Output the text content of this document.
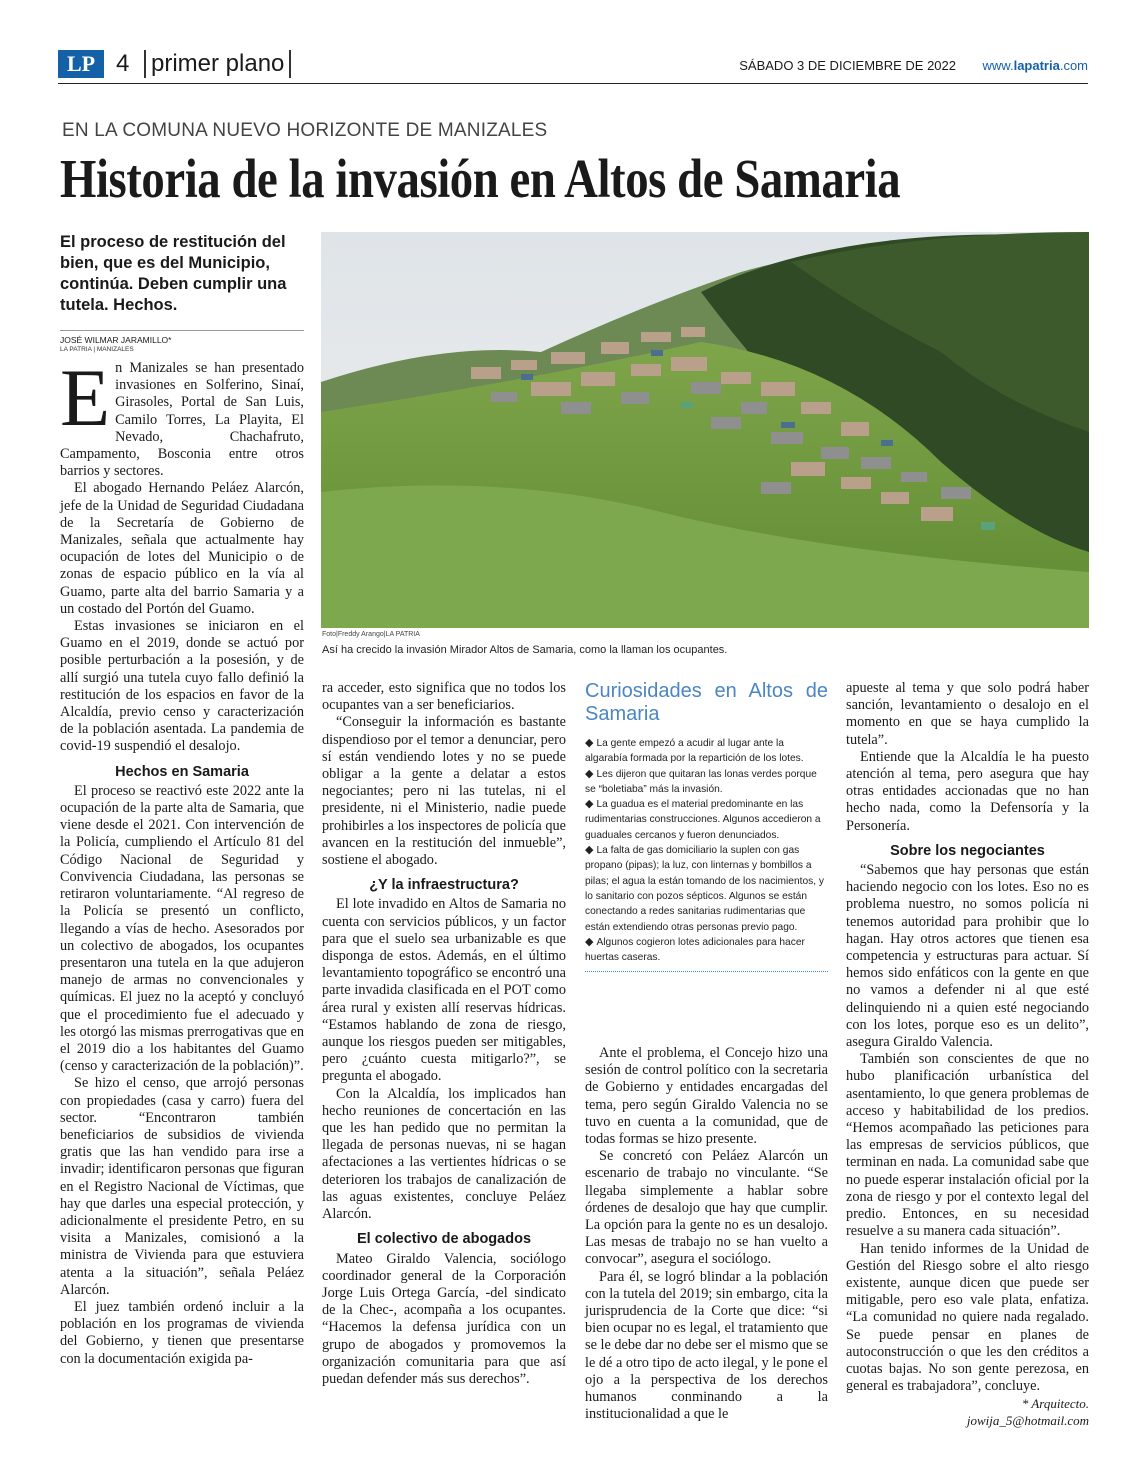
LP 4 primer plano	SÁBADO 3 DE DICIEMBRE DE 2022 www.lapatria.com
EN LA COMUNA NUEVO HORIZONTE DE MANIZALES
Historia de la invasión en Altos de Samaria
El proceso de restitución del bien, que es del Municipio, continúa. Deben cumplir una tutela. Hechos.
JOSÉ WILMAR JARAMILLO*
LA PATRIA | MANIZALES
Foto|Freddy Arango|LA PATRIA
Así ha crecido la invasión Mirador Altos de Samaria, como la llaman los ocupantes.

En Manizales se han presentado invasiones en Solferino, Sinaí, Girasoles, Portal de San Luis, Camilo Torres, La Playita, El Nevado, Chachafruto, Campamento, Bosconia entre otros barrios y sectores.

El abogado Hernando Peláez Alarcón, jefe de la Unidad de Seguridad Ciudadana de la Secretaría de Gobierno de Manizales, señala que actualmente hay ocupación de lotes del Municipio o de zonas de espacio público en la vía al Guamo, parte alta del barrio Samaria y a un costado del Portón del Guamo.

Estas invasiones se iniciaron en el Guamo en el 2019, donde se actuó por posible perturbación a la posesión, y de allí surgió una tutela cuyo fallo definió la restitución de los espacios en favor de la Alcaldía, previo censo y caracterización de la población asentada. La pandemia de covid-19 suspendió el desalojo.

Hechos en Samaria

El proceso se reactivó este 2022 ante la ocupación de la parte alta de Samaria, que viene desde el 2021. Con intervención de la Policía, cumpliendo el Artículo 81 del Código Nacional de Seguridad y Convivencia Ciudadana, las personas se retiraron voluntariamente. “Al regreso de la Policía se presentó un conflicto, llegando a vías de hecho. Asesorados por un colectivo de abogados, los ocupantes presentaron una tutela en la que adujeron manejo de armas no convencionales y químicas. El juez no la aceptó y concluyó que el procedimiento fue el adecuado y les otorgó las mismas prerrogativas que en el 2019 dio a los habitantes del Guamo (censo y caracterización de la población)”.

Se hizo el censo, que arrojó personas con propiedades (casa y carro) fuera del sector. “Encontraron también beneficiarios de subsidios de vivienda gratis que las han vendido para irse a invadir; identificaron personas que figuran en el Registro Nacional de Víctimas, que hay que darles una especial protección, y adicionalmente el presidente Petro, en su visita a Manizales, comisionó a la ministra de Vivienda para que estuviera atenta a la situación”, señala Peláez Alarcón.

El juez también ordenó incluir a la población en los programas de vivienda del Gobierno, y tienen que presentarse con la documentación exigida pa-

ra acceder, esto significa que no todos los ocupantes van a ser beneficiarios.

“Conseguir la información es bastante dispendioso por el temor a denunciar, pero sí están vendiendo lotes y no se puede obligar a la gente a delatar a estos negociantes; pero ni las tutelas, ni el presidente, ni el Ministerio, nadie puede prohibirles a los inspectores de policía que avancen en la restitución del inmueble”, sostiene el abogado.

¿Y la infraestructura?

El lote invadido en Altos de Samaria no cuenta con servicios públicos, y un factor para que el suelo sea urbanizable es que disponga de estos. Además, en el último levantamiento topográfico se encontró una parte invadida clasificada en el POT como área rural y existen allí reservas hídricas. “Estamos hablando de zona de riesgo, aunque los riesgos pueden ser mitigables, pero ¿cuánto cuesta mitigarlo?”, se pregunta el abogado.

Con la Alcaldía, los implicados han hecho reuniones de concertación en las que les han pedido que no permitan la llegada de personas nuevas, ni se hagan afectaciones a las vertientes hídricas o se deterioren los trabajos de canalización de las aguas existentes, concluye Peláez Alarcón.

El colectivo de abogados

Mateo Giraldo Valencia, sociólogo coordinador general de la Corporación Jorge Luis Ortega García, -del sindicato de la Chec-, acompaña a los ocupantes. “Hacemos la defensa jurídica con un grupo de abogados y promovemos la organización comunitaria para que así puedan defender más sus derechos”.

Curiosidades en Altos de Samaria
◆ La gente empezó a acudir al lugar ante la algarabía formada por la repartición de los lotes.
◆ Les dijeron que quitaran las lonas verdes porque se “boletiaba” más la invasión.
◆ La guadua es el material predominante en las rudimentarias construcciones. Algunos accedieron a guaduales cercanos y fueron denunciados.
◆ La falta de gas domiciliario la suplen con gas propano (pipas); la luz, con linternas y bombillos a pilas; el agua la están tomando de los nacimientos, y lo sanitario con pozos sépticos. Algunos se están conectando a redes sanitarias rudimentarias que están extendiendo otras personas previo pago.
◆ Algunos cogieron lotes adicionales para hacer huertas caseras.

Ante el problema, el Concejo hizo una sesión de control político con la secretaria de Gobierno y entidades encargadas del tema, pero según Giraldo Valencia no se tuvo en cuenta a la comunidad, que de todas formas se hizo presente.

Se concretó con Peláez Alarcón un escenario de trabajo no vinculante. “Se llegaba simplemente a hablar sobre órdenes de desalojo que hay que cumplir. La opción para la gente no es un desalojo. Las mesas de trabajo no se han vuelto a convocar”, asegura el sociólogo.

Para él, se logró blindar a la población con la tutela del 2019; sin embargo, cita la jurisprudencia de la Corte que dice: “si bien ocupar no es legal, el tratamiento que se le debe dar no debe ser el mismo que se le dé a otro tipo de acto ilegal, y le pone el ojo a la perspectiva de los derechos humanos conminando a la institucionalidad a que le

apueste al tema y que solo podrá haber sanción, levantamiento o desalojo en el momento en que se haya cumplido la tutela”.

Entiende que la Alcaldía le ha puesto atención al tema, pero asegura que hay otras entidades accionadas que no han hecho nada, como la Defensoría y la Personería.

Sobre los negociantes

“Sabemos que hay personas que están haciendo negocio con los lotes. Eso no es problema nuestro, no somos policía ni tenemos autoridad para prohibir que lo hagan. Hay otros actores que tienen esa competencia y estructuras para actuar. Sí hemos sido enfáticos con la gente en que no vamos a defender ni al que esté delinquiendo ni a quien esté negociando con los lotes, porque eso es un delito”, asegura Giraldo Valencia.

También son conscientes de que no hubo planificación urbanística del asentamiento, lo que genera problemas de acceso y habitabilidad de los predios. “Hemos acompañado las peticiones para las empresas de servicios públicos, que terminan en nada. La comunidad sabe que no puede esperar instalación oficial por la zona de riesgo y por el contexto legal del predio. Entonces, en su necesidad resuelve a su manera cada situación”.

Han tenido informes de la Unidad de Gestión del Riesgo sobre el alto riesgo existente, aunque dicen que puede ser mitigable, pero eso vale plata, enfatiza. “La comunidad no quiere nada regalado. Se puede pensar en planes de autoconstrucción o que les den créditos a cuotas bajas. No son gente perezosa, en general es trabajadora”, concluye.

* Arquitecto.
jowija_5@hotmail.com
